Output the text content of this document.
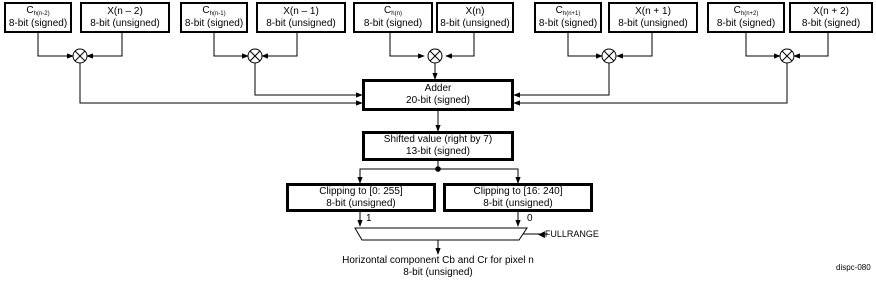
$C_{h(n-2)}$
8-bit (signed)
$C_{h(n-1)}$
8-bit (signed)
$C_{h(n)}$
8-bit (signed)
$C_{h(n+1)}$
8-bit (signed)
$C_{h(n+2)}$
8-bit (signed)
X(n – 2)
8-bit (unsigned)
X(n – 1)
8-bit (unsigned)
X(n)
8-bit (unsigned)
X(n + 1)
8-bit (unsigned)
X(n + 2)
8-bit (signed)
Adder
20-bit (signed)
Shifted value (right by 7)
13-bit (signed)
Clipping to [0: 255]
8-bit (unsigned)
Clipping to [16: 240]
8-bit (unsigned)
1	0
◀FULLRANGE
Horizontal component Cb and Cr for pixel n
8-bit (unsigned)	dispc-080
